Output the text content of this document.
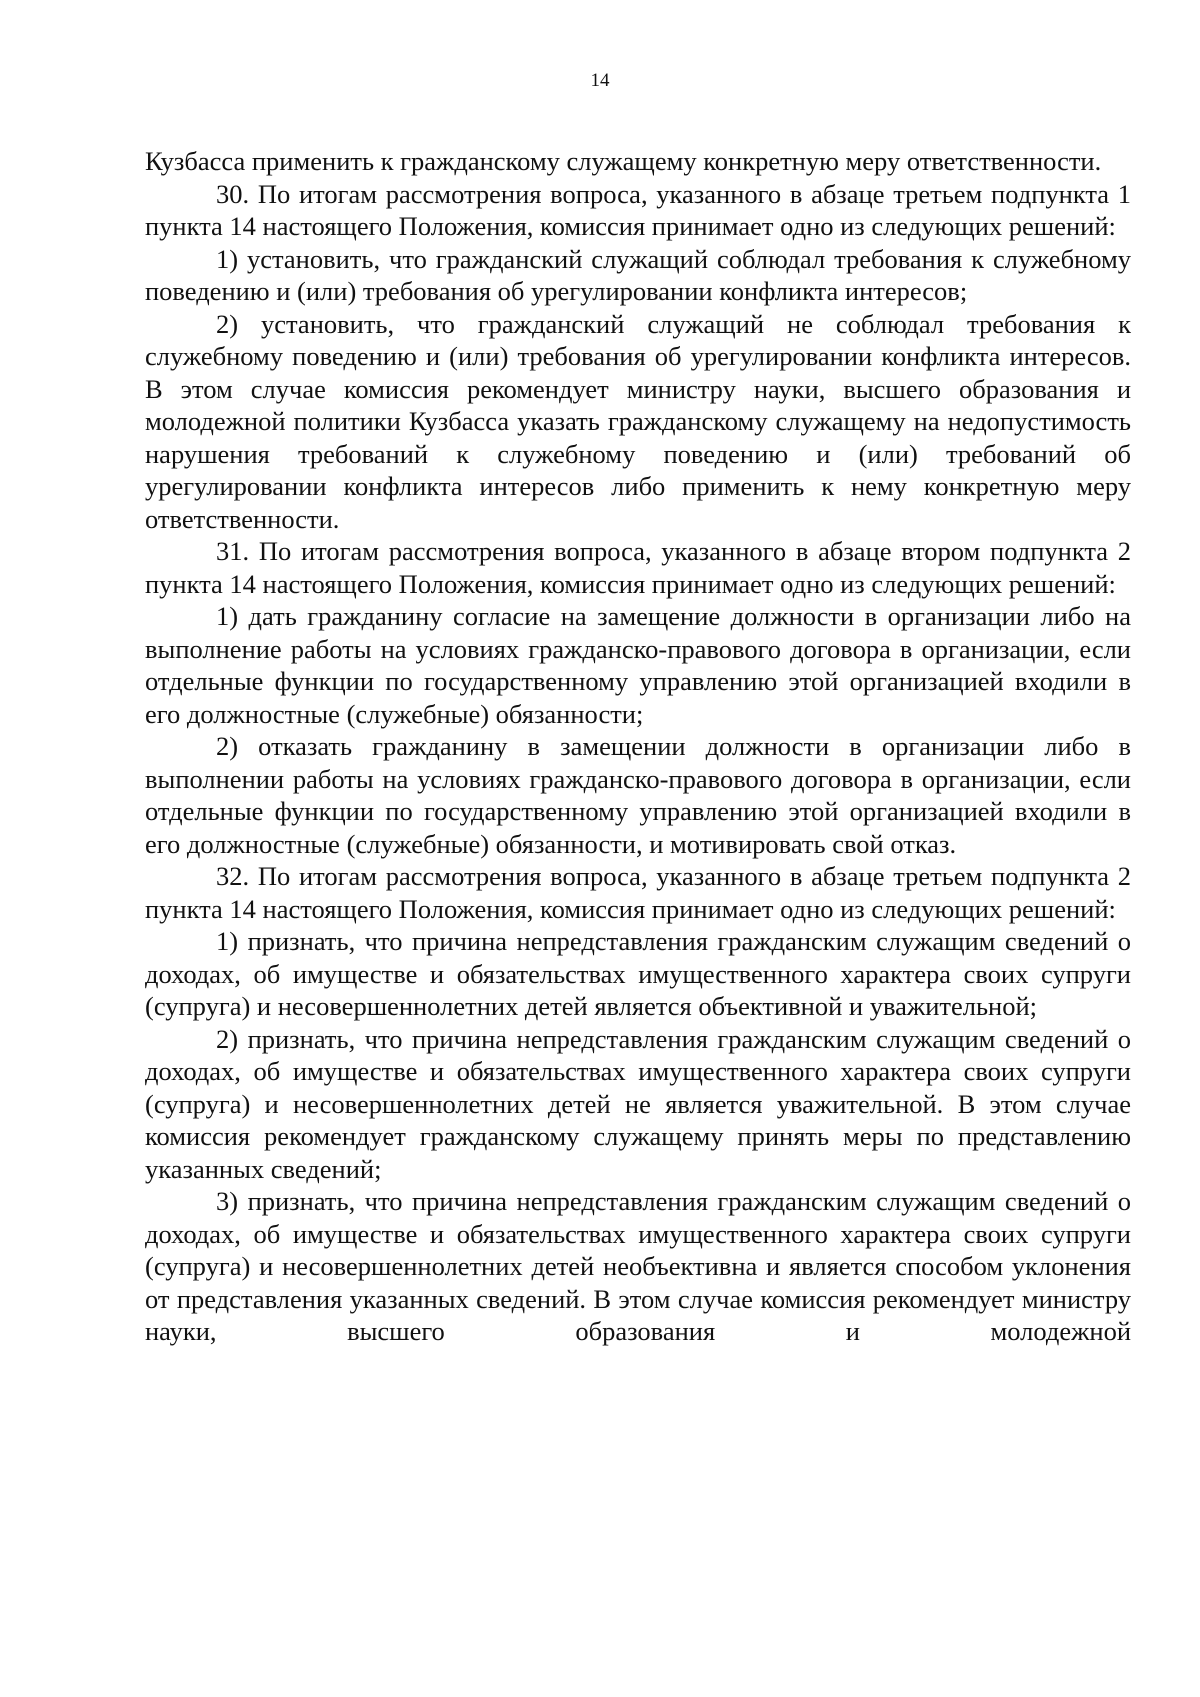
14

Кузбасса применить к гражданскому служащему конкретную меру ответственности.

30. По итогам рассмотрения вопроса, указанного в абзаце третьем подпункта 1 пункта 14 настоящего Положения, комиссия принимает одно из следующих решений:

1) установить, что гражданский служащий соблюдал требования к служебному поведению и (или) требования об урегулировании конфликта интересов;

2) установить, что гражданский служащий не соблюдал требования к служебному поведению и (или) требования об урегулировании конфликта интересов. В этом случае комиссия рекомендует министру науки, высшего образования и молодежной политики Кузбасса указать гражданскому служащему на недопустимость нарушения требований к служебному поведению и (или) требований об урегулировании конфликта интересов либо применить к нему конкретную меру ответственности.

31. По итогам рассмотрения вопроса, указанного в абзаце втором подпункта 2 пункта 14 настоящего Положения, комиссия принимает одно из следующих решений:

1) дать гражданину согласие на замещение должности в организации либо на выполнение работы на условиях гражданско-правового договора в организации, если отдельные функции по государственному управлению этой организацией входили в его должностные (служебные) обязанности;

2) отказать гражданину в замещении должности в организации либо в выполнении работы на условиях гражданско-правового договора в организации, если отдельные функции по государственному управлению этой организацией входили в его должностные (служебные) обязанности, и мотивировать свой отказ.

32. По итогам рассмотрения вопроса, указанного в абзаце третьем подпункта 2 пункта 14 настоящего Положения, комиссия принимает одно из следующих решений:

1) признать, что причина непредставления гражданским служащим сведений о доходах, об имуществе и обязательствах имущественного характера своих супруги (супруга) и несовершеннолетних детей является объективной и уважительной;

2) признать, что причина непредставления гражданским служащим сведений о доходах, об имуществе и обязательствах имущественного характера своих супруги (супруга) и несовершеннолетних детей не является уважительной. В этом случае комиссия рекомендует гражданскому служащему принять меры по представлению указанных сведений;

3) признать, что причина непредставления гражданским служащим сведений о доходах, об имуществе и обязательствах имущественного характера своих супруги (супруга) и несовершеннолетних детей необъективна и является способом уклонения от представления указанных сведений. В этом случае комиссия рекомендует министру науки, высшего образования и молодежной
